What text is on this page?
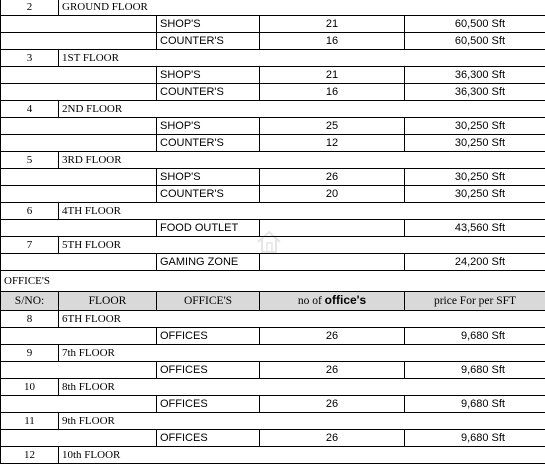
2	GROUND FLOOR			
		SHOP'S	21	60,500 Sft
		COUNTER'S	16	60,500 Sft
3	1ST FLOOR			
		SHOP'S	21	36,300 Sft
		COUNTER'S	16	36,300 Sft
4	2ND FLOOR			
		SHOP'S	25	30,250 Sft
		COUNTER'S	12	30,250 Sft
5	3RD FLOOR			
		SHOP'S	26	30,250 Sft
		COUNTER'S	20	30,250 Sft
6	4TH FLOOR			
		FOOD OUTLET		43,560 Sft
7	5TH FLOOR			
		GAMING ZONE		24,200 Sft
OFFICE'S				
S/NO:	FLOOR	OFFICE'S	no of office's	price For per SFT
8	6TH FLOOR			
		OFFICES	26	9,680 Sft
9	7th FLOOR			
		OFFICES	26	9,680 Sft
10	8th FLOOR			
		OFFICES	26	9,680 Sft
11	9th FLOOR			
		OFFICES	26	9,680 Sft
12	10th FLOOR			
